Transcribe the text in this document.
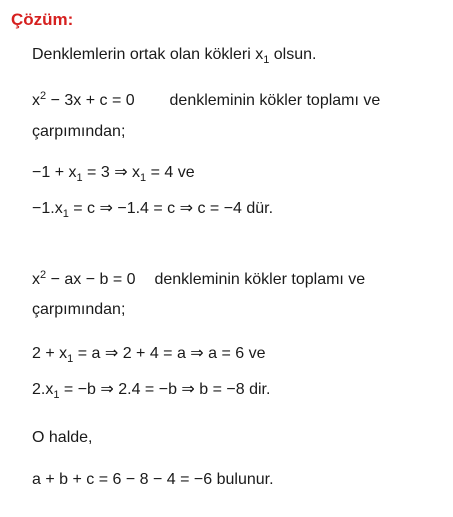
Çözüm:
Denklemlerin ortak olan kökleri $x_1$ olsun.
$x^2 - 3x + c = 0$ denkleminin kökler toplamı ve
çarpımından;
$-1 + x_1 = 3$ ⇒ $x_1 = 4$ ve
$-1.x_1 = c$ ⇒ −1.4 = c ⇒ c = −4 dür.
$x^2$ − ax − b = 0 denkleminin kökler toplamı ve
çarpımından;
$2 + x_1 = a$ ⇒ 2 + 4 = a ⇒ a = 6 ve
$2.x_1 = -b$ ⇒ 2.4 = −b ⇒ b = −8 dir.
O halde,
a + b + c = 6 − 8 − 4 = −6 bulunur.
